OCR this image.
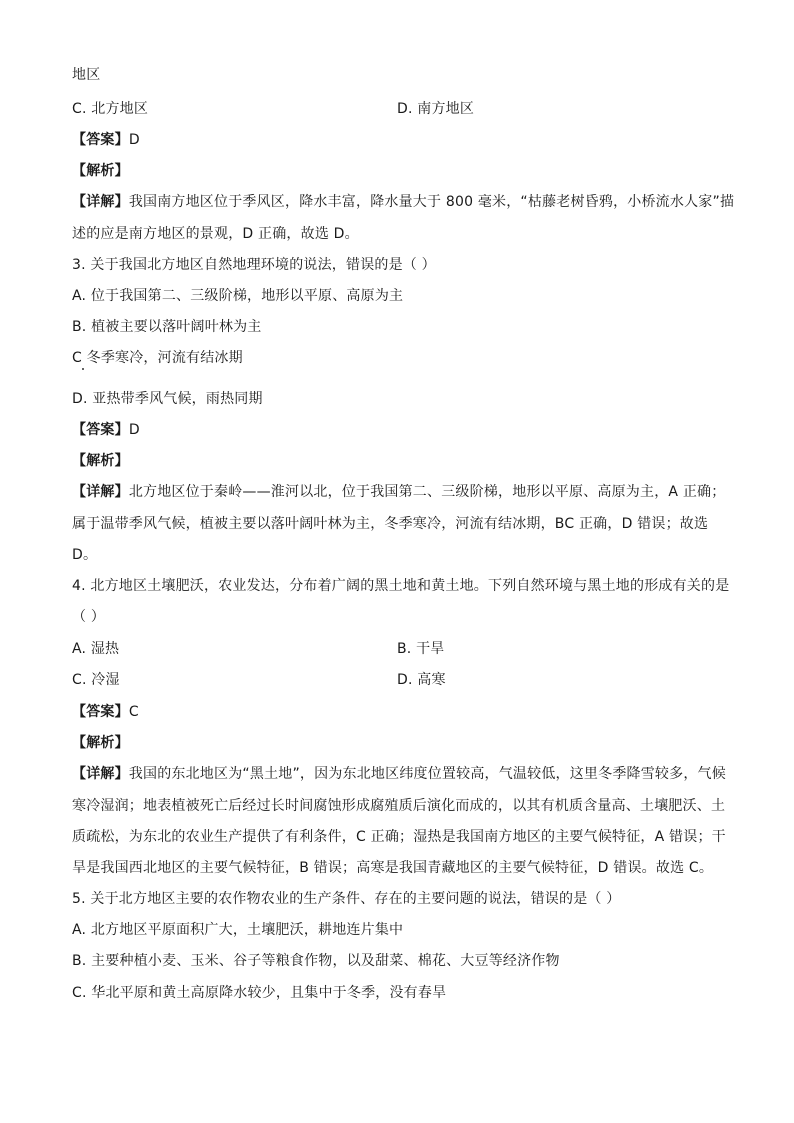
地区
C. 北方地区	D. 南方地区
【答案】D
【解析】
【详解】我国南方地区位于季风区，降水丰富，降水量大于 800 毫米，“枯藤老树昏鸦，小桥流水人家”描
述的应是南方地区的景观，D 正确，故选 D。
3. 关于我国北方地区自然地理环境的说法，错误的是（ ）
A. 位于我国第二、三级阶梯，地形以平原、高原为主
B. 植被主要以落叶阔叶林为主
C 冬季寒冷，河流有结冰期
D. 亚热带季风气候，雨热同期
【答案】D
【解析】
【详解】北方地区位于秦岭——淮河以北，位于我国第二、三级阶梯，地形以平原、高原为主，A 正确；
属于温带季风气候，植被主要以落叶阔叶林为主，冬季寒冷，河流有结冰期，BC 正确，D 错误；故选
D。
4. 北方地区土壤肥沃，农业发达，分布着广阔的黑土地和黄土地。下列自然环境与黑土地的形成有关的是
（ ）
A. 湿热	B. 干旱
C. 冷湿	D. 高寒
【答案】C
【解析】
【详解】我国的东北地区为“黑土地”，因为东北地区纬度位置较高，气温较低，这里冬季降雪较多，气候
寒冷湿润；地表植被死亡后经过长时间腐蚀形成腐殖质后演化而成的，以其有机质含量高、土壤肥沃、土
质疏松，为东北的农业生产提供了有利条件，C 正确；湿热是我国南方地区的主要气候特征，A 错误；干
旱是我国西北地区的主要气候特征，B 错误；高寒是我国青藏地区的主要气候特征，D 错误。故选 C。
5. 关于北方地区主要的农作物农业的生产条件、存在的主要问题的说法，错误的是（ ）
A. 北方地区平原面积广大，土壤肥沃，耕地连片集中
B. 主要种植小麦、玉米、谷子等粮食作物，以及甜菜、棉花、大豆等经济作物
C. 华北平原和黄土高原降水较少，且集中于冬季，没有春旱
